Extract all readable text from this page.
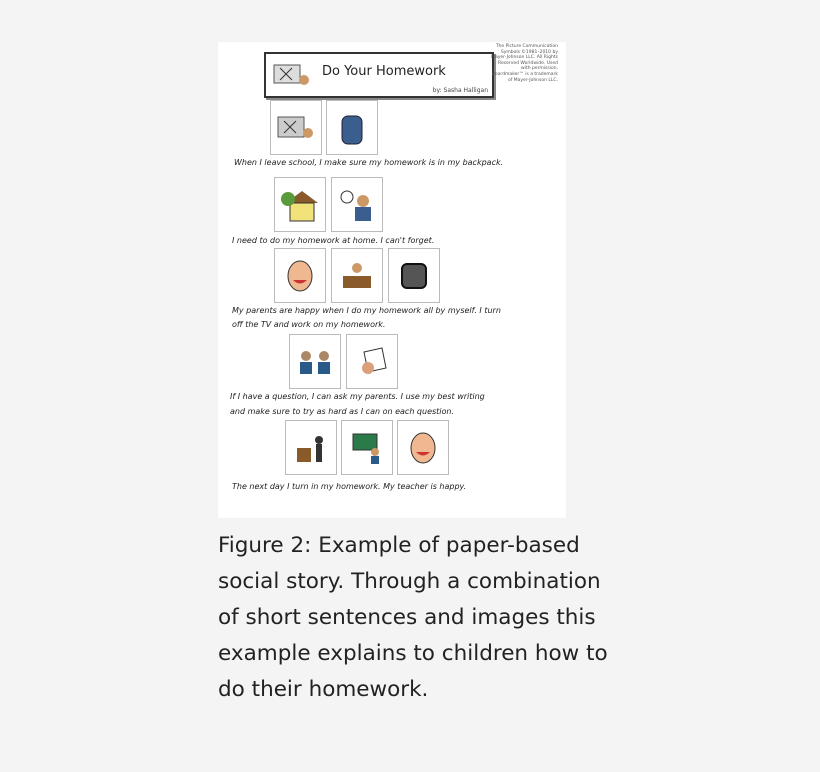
Do Your Homework
by: Sasha Halligan
The Picture Communication Symbols ©1981–2010 by Mayer-Johnson LLC. All Rights Reserved Worldwide. Used with permission. Boardmaker™ is a trademark of Mayer-Johnson LLC.
When I leave school, I make sure my homework is in my backpack.
I need to do my homework at home. I can't forget.
My parents are happy when I do my homework all by myself. I turn
off the TV and work on my homework.
If I have a question, I can ask my parents. I use my best writing
and make sure to try as hard as I can on each question.
The next day I turn in my homework. My teacher is happy.
Figure 2: Example of paper-based social story. Through a combination of short sentences and images this example explains to children how to do their homework.
